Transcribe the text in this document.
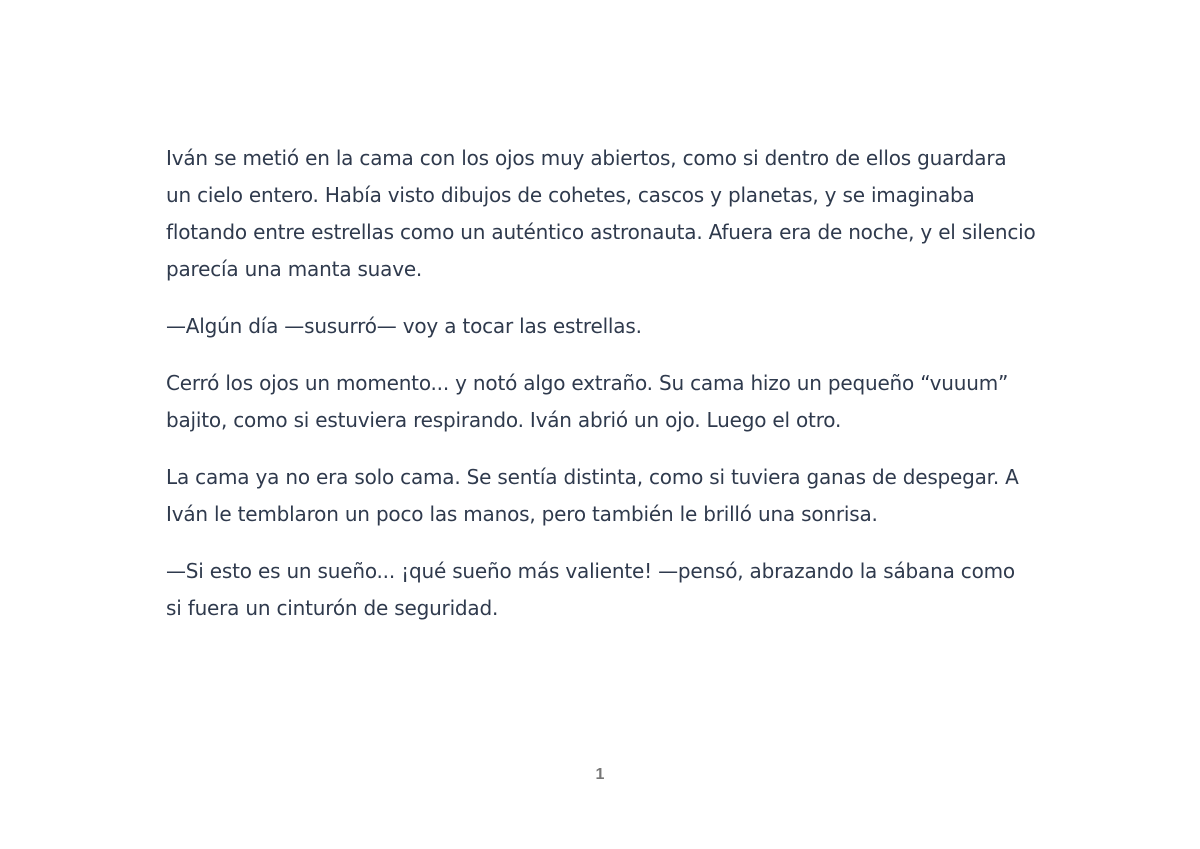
Iván se metió en la cama con los ojos muy abiertos, como si dentro de ellos guardara un cielo entero. Había visto dibujos de cohetes, cascos y planetas, y se imaginaba flotando entre estrellas como un auténtico astronauta. Afuera era de noche, y el silencio parecía una manta suave.

—Algún día —susurró— voy a tocar las estrellas.

Cerró los ojos un momento... y notó algo extraño. Su cama hizo un pequeño “vuuum” bajito, como si estuviera respirando. Iván abrió un ojo. Luego el otro.

La cama ya no era solo cama. Se sentía distinta, como si tuviera ganas de despegar. A Iván le temblaron un poco las manos, pero también le brilló una sonrisa.

—Si esto es un sueño... ¡qué sueño más valiente! —pensó, abrazando la sábana como si fuera un cinturón de seguridad.

1
